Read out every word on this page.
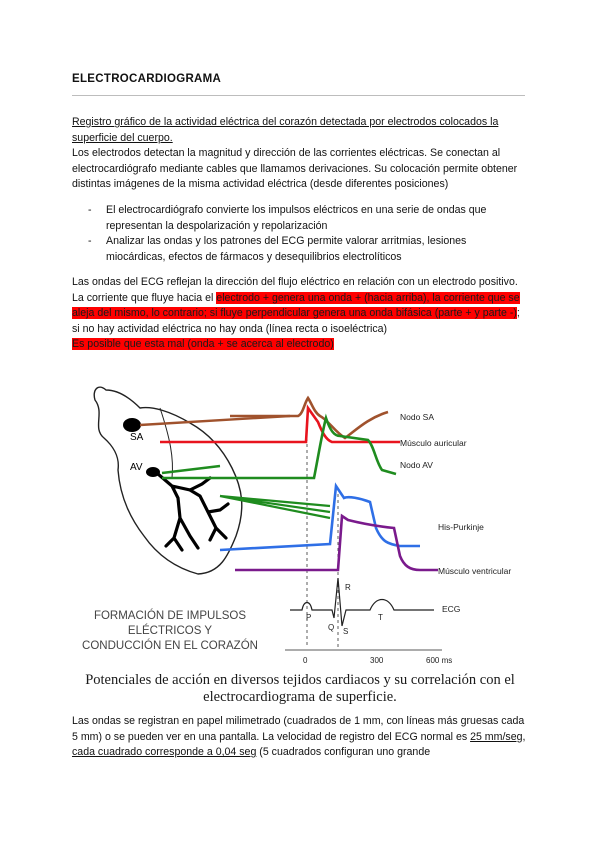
ELECTROCARDIOGRAMA
Registro gráfico de la actividad eléctrica del corazón detectada por electrodos colocados la superficie del cuerpo.
Los electrodos detectan la magnitud y dirección de las corrientes eléctricas. Se conectan al electrocardiógrafo mediante cables que llamamos derivaciones. Su colocación permite obtener distintas imágenes de la misma actividad eléctrica (desde diferentes posiciones)
- El electrocardiógrafo convierte los impulsos eléctricos en una serie de ondas que representan la despolarización y repolarización
- Analizar las ondas y los patrones del ECG permite valorar arritmias, lesiones miocárdicas, efectos de fármacos y desequilibrios electrolíticos
Las ondas del ECG reflejan la dirección del flujo eléctrico en relación con un electrodo positivo. La corriente que fluye hacia el electrodo + genera una onda + (hacia arriba), la corriente que se aleja del mismo, lo contrario; si fluye perpendicular genera una onda bifásica (parte + y parte -); si no hay actividad eléctrica no hay onda (línea recta o isoeléctrica)
Es posible que esta mal (onda + se acerca al electrodo)
SA
AV
Nodo SA
Músculo auricular
Nodo AV
His-Purkinje
Músculo ventricular
ECG
P
Q
R
S
T
0	300	600 ms
FORMACIÓN DE IMPULSOS
ELÉCTRICOS Y
CONDUCCIÓN EN EL CORAZÓN
Potenciales de acción en diversos tejidos cardiacos y su correlación con el electrocardiograma de superficie.
Las ondas se registran en papel milimetrado (cuadrados de 1 mm, con líneas más gruesas cada 5 mm) o se pueden ver en una pantalla. La velocidad de registro del ECG normal es 25 mm/seg, cada cuadrado corresponde a 0,04 seg (5 cuadrados configuran uno grande
